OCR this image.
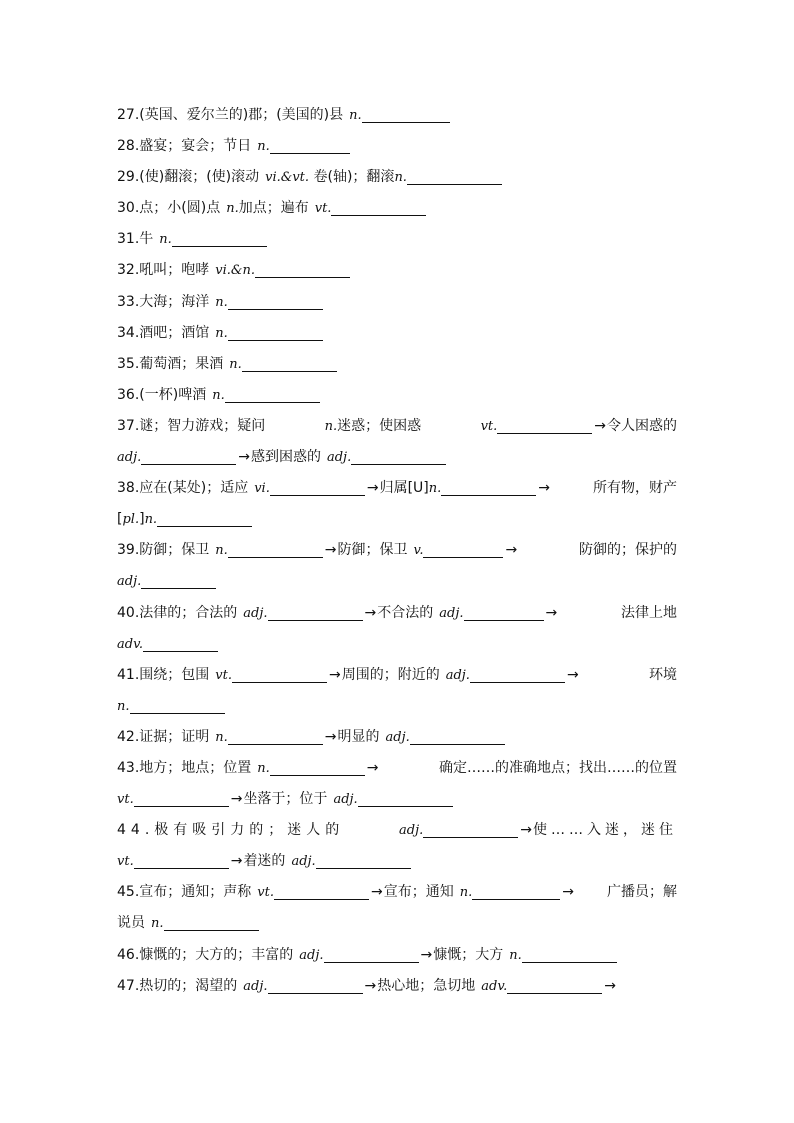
27.(英国、爱尔兰的)郡；(美国的)县 n.
28.盛宴；宴会；节日 n.
29.(使)翻滚；(使)滚动 vi.&vt. 卷(轴)；翻滚n.
30.点；小(圆)点 n.加点；遍布 vt.
31.牛 n.
32.吼叫；咆哮 vi.&n.
33.大海；海洋 n.
34.酒吧；酒馆 n.
35.葡萄酒；果酒 n.
36.(一杯)啤酒 n.
37.谜；智力游戏；疑问	n.迷惑；使困惑	vt.	→令人困惑的
adj.	→感到困惑的 adj.
38.应在(某处)；适应 vi.	→归属[U]n.	→	所有物，财产
[pl.]n.
39.防御；保卫 n.	→防御；保卫 v.	→	防御的；保护的
adj.
40.法律的；合法的 adj.	→不合法的 adj.	→	法律上地
adv.
41.围绕；包围 vt.	→周围的；附近的 adj.	→	环境
n.
42.证据；证明 n.	→明显的 adj.
43.地方；地点；位置 n.	→	确定……的准确地点；找出……的位置
vt.	→坐落于；位于 adj.
44.极有吸引力的；迷人的	adj.	→使……入迷，迷住
vt.	→着迷的 adj.
45.宣布；通知；声称 vt.	→宣布；通知 n.	→ 广播员；解
说员 n.
46.慷慨的；大方的；丰富的 adj.	→慷慨；大方 n.
47.热切的；渴望的 adj.	→热心地；急切地 adv.	→
